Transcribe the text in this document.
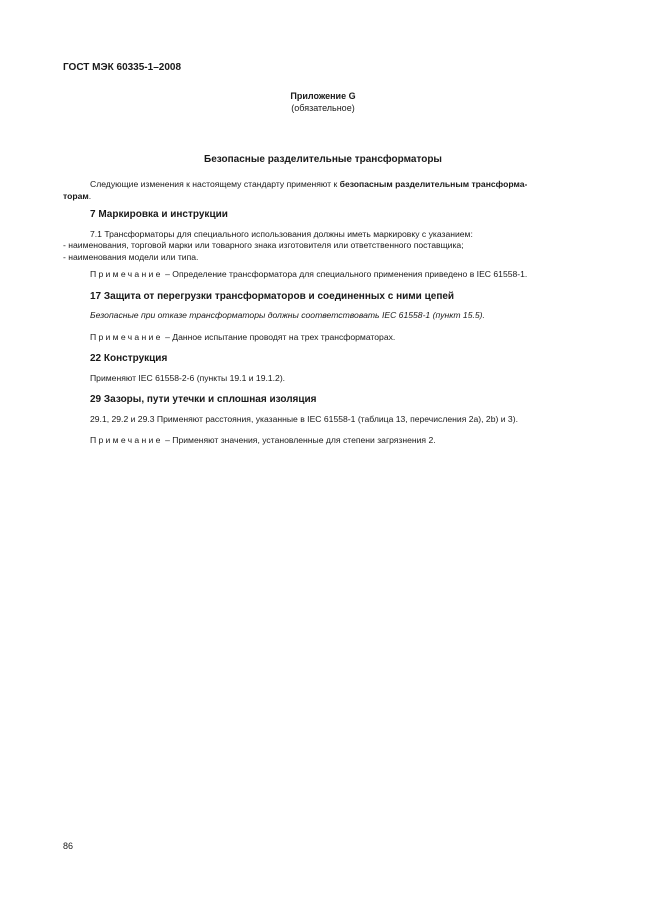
ГОСТ МЭК 60335-1–2008
Приложение G
(обязательное)
Безопасные разделительные трансформаторы

Следующие изменения к настоящему стандарту применяют к безопасным разделительным трансформа-
торам.

7 Маркировка и инструкции

7.1 Трансформаторы для специального использования должны иметь маркировку с указанием:

- наименования, торговой марки или товарного знака изготовителя или ответственного поставщика;

- наименования модели или типа.

Примечание – Определение трансформатора для специального применения приведено в IEC 61558-1.

17 Защита от перегрузки трансформаторов и соединенных с ними цепей

Безопасные при отказе трансформаторы должны соответствовать IEC 61558-1 (пункт 15.5).

Примечание – Данное испытание проводят на трех трансформаторах.

22 Конструкция

Применяют IEC 61558-2-6 (пункты 19.1 и 19.1.2).

29 Зазоры, пути утечки и сплошная изоляция

29.1, 29.2 и 29.3 Применяют расстояния, указанные в IEC 61558-1 (таблица 13, перечисления 2a), 2b) и 3).

Примечание – Применяют значения, установленные для степени загрязнения 2.

86
